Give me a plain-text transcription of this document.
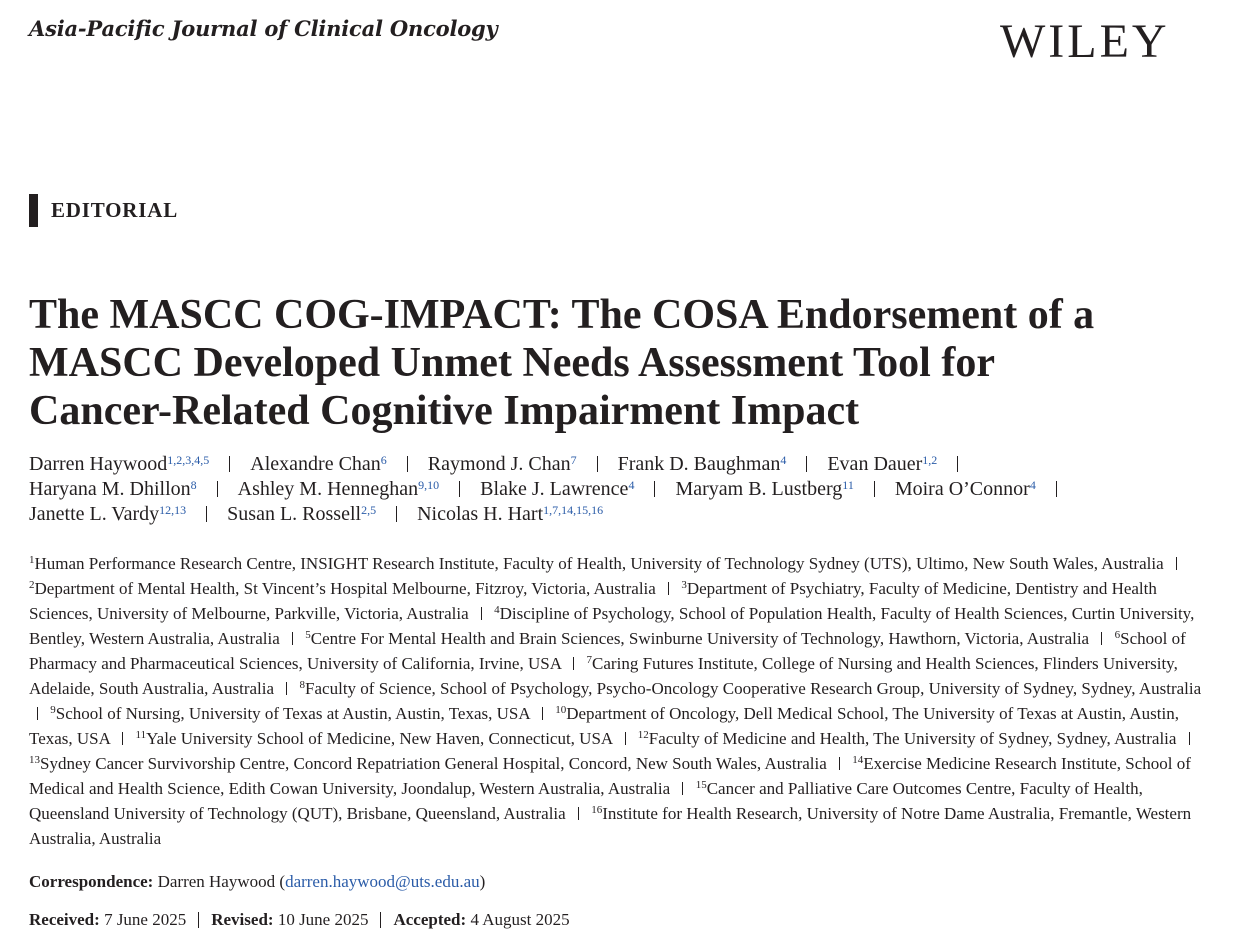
Asia-Pacific Journal of Clinical Oncology	WILEY
EDITORIAL
The MASCC COG-IMPACT: The COSA Endorsement of a
MASCC Developed Unmet Needs Assessment Tool for
Cancer-Related Cognitive Impairment Impact
Darren Haywood$^{1,2,3,4,5}$ Alexandre Chan$^6$ Raymond J. Chan$^7$ Frank D. Baughman$^4$ Evan Dauer$^{1,2}$
Haryana M. Dhillon$^8$ Ashley M. Henneghan$^{9,10}$ Blake J. Lawrence$^4$ Maryam B. Lustberg$^{11}$ Moira O’Connor$^4$
Janette L. Vardy$^{12,13}$ Susan L. Rossell$^{2,5}$ Nicolas H. Hart$^{1,7,14,15,16}$
$^1$Human Performance Research Centre, INSIGHT Research Institute, Faculty of Health, University of Technology Sydney (UTS), Ultimo, New South Wales, Australia  $^2$Department of Mental Health, St Vincent’s Hospital Melbourne, Fitzroy, Victoria, Australia $^3$Department of Psychiatry, Faculty of Medicine, Dentistry and Health Sciences, University of Melbourne, Parkville, Victoria, Australia $^4$Discipline of Psychology, School of Population Health, Faculty of Health Sciences, Curtin University, Bentley, Western Australia, Australia $^5$Centre For Mental Health and Brain Sciences, Swinburne University of Technology, Hawthorn, Victoria, Australia $^6$School of Pharmacy and Pharmaceutical Sciences, University of California, Irvine, USA $^7$Caring Futures Institute, College of Nursing and Health Sciences, Flinders University, Adelaide, South Australia, Australia $^8$Faculty of Science, School of Psychology, Psycho-Oncology Cooperative Research Group, University of Sydney, Sydney, Australia  $^9$School of Nursing, University of Texas at Austin, Austin, Texas, USA $^{10}$Department of Oncology, Dell Medical School, The University of Texas at Austin, Austin, Texas, USA $^{11}$Yale University School of Medicine, New Haven, Connecticut, USA $^{12}$Faculty of Medicine and Health, The University of Sydney, Sydney, Australia  $^{13}$Sydney Cancer Survivorship Centre, Concord Repatriation General Hospital, Concord, New South Wales, Australia $^{14}$Exercise Medicine Research Institute, School of Medical and Health Science, Edith Cowan University, Joondalup, Western Australia, Australia $^{15}$Cancer and Palliative Care Outcomes Centre, Faculty of Health, Queensland University of Technology (QUT), Brisbane, Queensland, Australia $^{16}$Institute for Health Research, University of Notre Dame Australia, Fremantle, Western Australia, Australia
Correspondence: Darren Haywood (darren.haywood@uts.edu.au)
Received:
7 June 2025 Revised:
10 June 2025 Accepted:
4 August 2025
